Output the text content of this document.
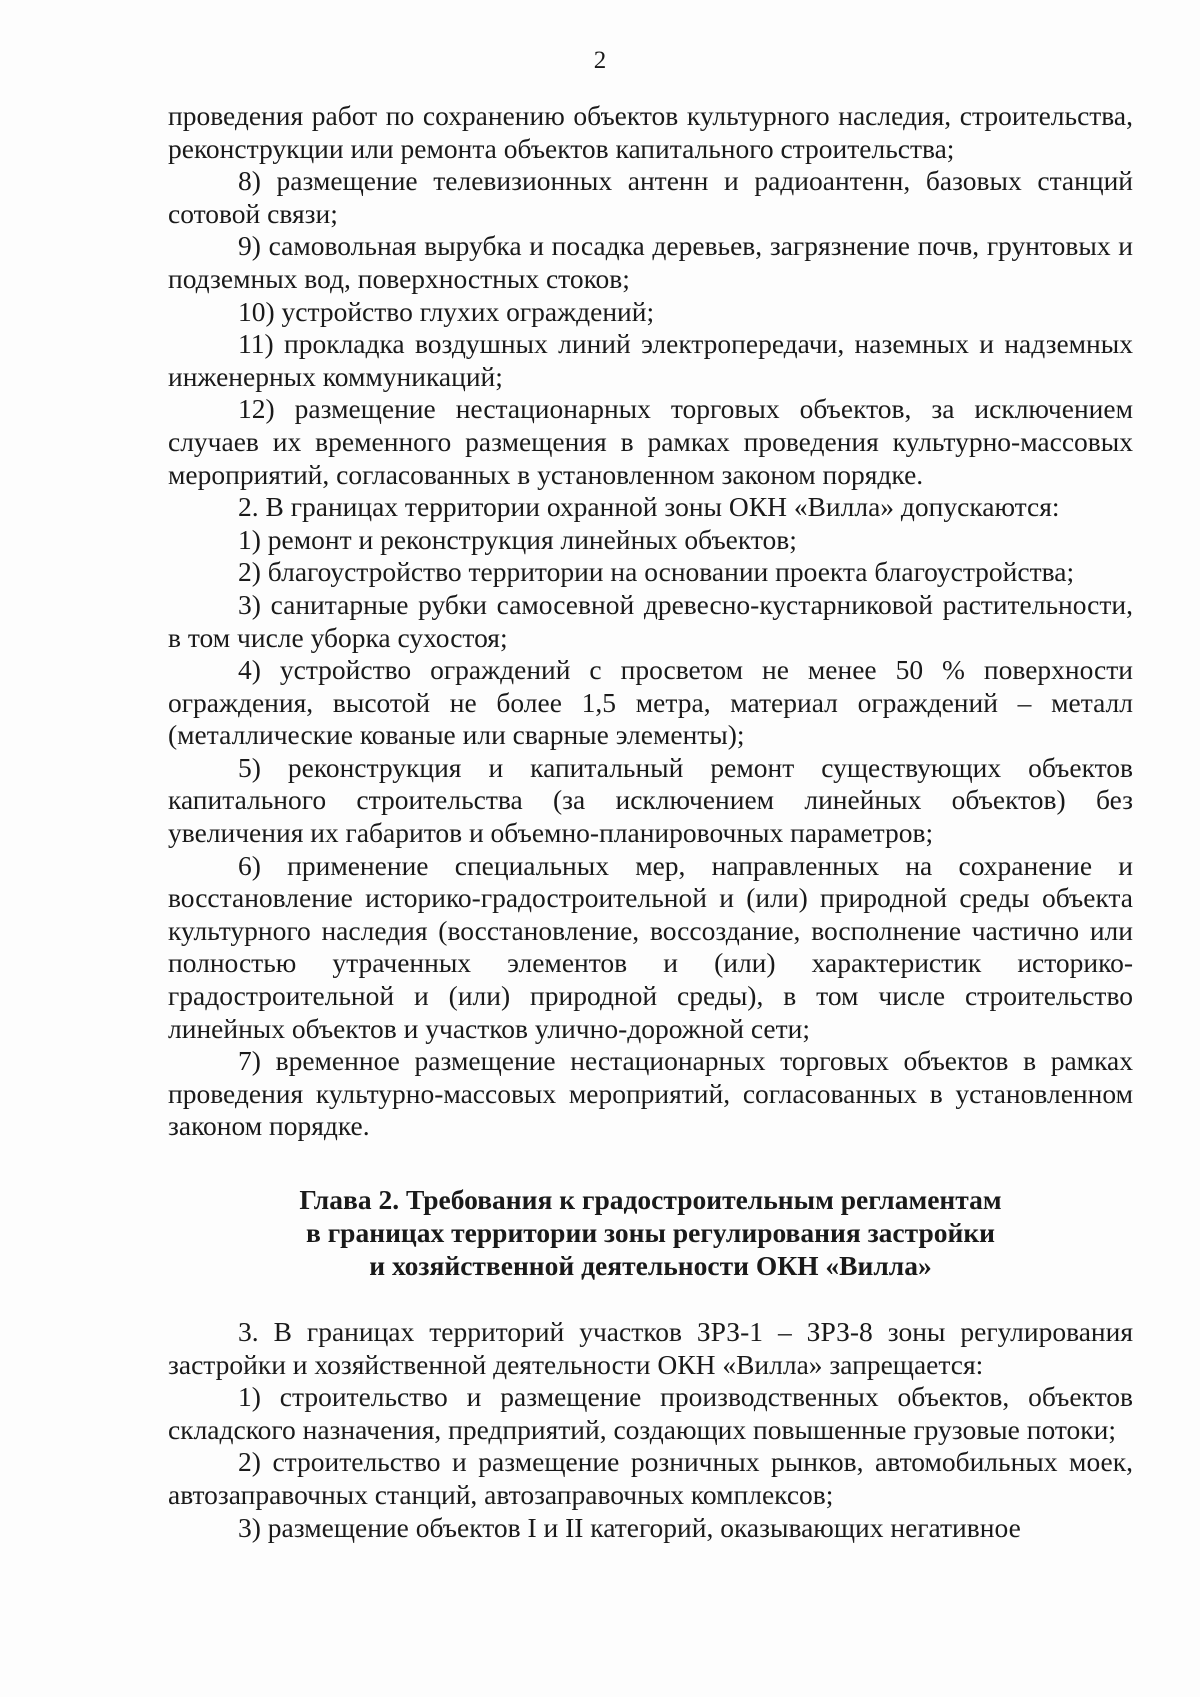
2

проведения работ по сохранению объектов культурного наследия, строительства, реконструкции или ремонта объектов капитального строительства;

8) размещение телевизионных антенн и радиоантенн, базовых станций сотовой связи;

9) самовольная вырубка и посадка деревьев, загрязнение почв, грунтовых и подземных вод, поверхностных стоков;

10) устройство глухих ограждений;

11) прокладка воздушных линий электропередачи, наземных и надземных инженерных коммуникаций;

12) размещение нестационарных торговых объектов, за исключением случаев их временного размещения в рамках проведения культурно-массовых мероприятий, согласованных в установленном законом порядке.

2. В границах территории охранной зоны ОКН «Вилла» допускаются:

1) ремонт и реконструкция линейных объектов;

2) благоустройство территории на основании проекта благоустройства;

3) санитарные рубки самосевной древесно-кустарниковой растительности, в том числе уборка сухостоя;

4) устройство ограждений с просветом не менее 50 % поверхности ограждения, высотой не более 1,5 метра, материал ограждений – металл (металлические кованые или сварные элементы);

5) реконструкция и капитальный ремонт существующих объектов капитального строительства (за исключением линейных объектов) без увеличения их габаритов и объемно-планировочных параметров;

6) применение специальных мер, направленных на сохранение и восстановление историко-градостроительной и (или) природной среды объекта культурного наследия (восстановление, воссоздание, восполнение частично или полностью утраченных элементов и (или) характеристик историко-градостроительной и (или) природной среды), в том числе строительство линейных объектов и участков улично-дорожной сети;

7) временное размещение нестационарных торговых объектов в рамках проведения культурно-массовых мероприятий, согласованных в установленном законом порядке.

Глава 2. Требования к градостроительным регламентам
в границах территории зоны регулирования застройки
и хозяйственной деятельности ОКН «Вилла»

3. В границах территорий участков ЗРЗ-1 – ЗРЗ-8 зоны регулирования застройки и хозяйственной деятельности ОКН «Вилла» запрещается:

1) строительство и размещение производственных объектов, объектов складского назначения, предприятий, создающих повышенные грузовые потоки;

2) строительство и размещение розничных рынков, автомобильных моек, автозаправочных станций, автозаправочных комплексов;

3) размещение объектов I и II категорий, оказывающих негативное
